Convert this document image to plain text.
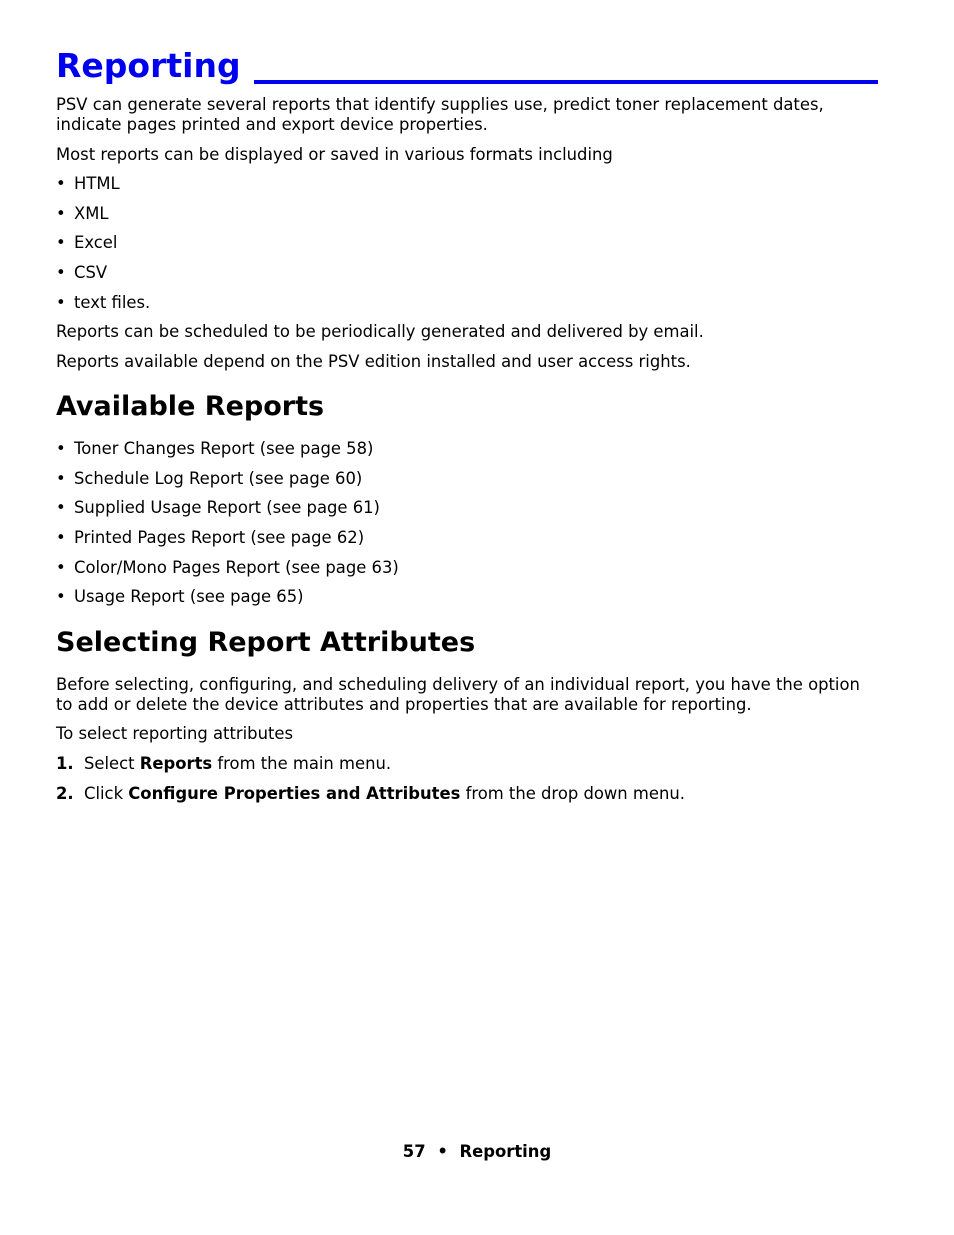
Reporting

PSV can generate several reports that identify supplies use, predict toner replacement dates,

indicate pages printed and export device properties.

Most reports can be displayed or saved in various formats including

• HTML
• XML
• Excel
• CSV
• text files.

Reports can be scheduled to be periodically generated and delivered by email.

Reports available depend on the PSV edition installed and user access rights.

Available Reports
• Toner Changes Report (see page 58)
• Schedule Log Report (see page 60)
• Supplied Usage Report (see page 61)
• Printed Pages Report (see page 62)
• Color/Mono Pages Report (see page 63)
• Usage Report (see page 65)
Selecting Report Attributes

Before selecting, configuring, and scheduling delivery of an individual report, you have the option

to add or delete the device attributes and properties that are available for reporting.

To select reporting attributes

1. Select Reports from the main menu.
2. Click Configure Properties and Attributes from the drop down menu.
57 • Reporting
